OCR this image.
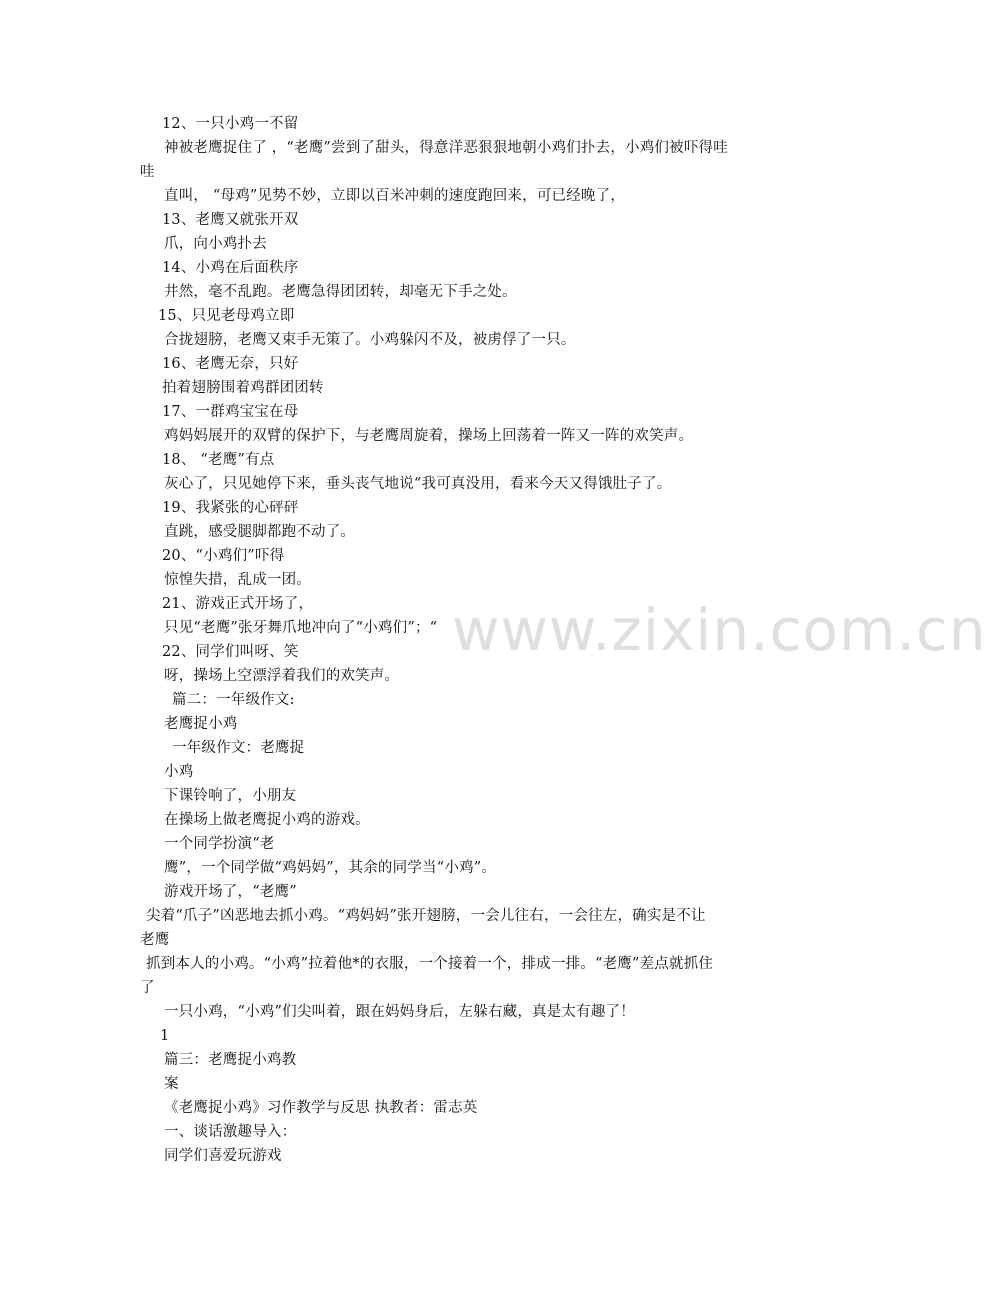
www.zixin.com.cn
12、一只小鸡一不留
神被老鹰捉住了 ，“老鹰”尝到了甜头，得意洋恶狠狠地朝小鸡们扑去，小鸡们被吓得哇
哇
直叫， “母鸡”见势不妙，立即以百米冲刺的速度跑回来，可已经晚了，
13、老鹰又就张开双
爪，向小鸡扑去
14、小鸡在后面秩序
井然，毫不乱跑。老鹰急得团团转，却毫无下手之处。
15、只见老母鸡立即
合拢翅膀，老鹰又束手无策了。小鸡躲闪不及，被虏俘了一只。
16、老鹰无奈，只好
拍着翅膀围着鸡群团团转
17、一群鸡宝宝在母
鸡妈妈展开的双臂的保护下，与老鹰周旋着，操场上回荡着一阵又一阵的欢笑声。
18、 “老鹰”有点
灰心了，只见她停下来，垂头丧气地说“我可真没用，看来今天又得饿肚子了。
19、我紧张的心砰砰
直跳，感受腿脚都跑不动了。
20、“小鸡们”吓得
惊惶失措，乱成一团。
21、游戏正式开场了，
只见“老鹰”张牙舞爪地冲向了“小鸡们”；“
22、同学们叫呀、笑
呀，操场上空漂浮着我们的欢笑声。
篇二：一年级作文:
老鹰捉小鸡
一年级作文：老鹰捉
小鸡
下课铃响了，小朋友
在操场上做老鹰捉小鸡的游戏。
一个同学扮演“老
鹰”，一个同学做“鸡妈妈”，其余的同学当“小鸡”。
游戏开场了，“老鹰”
尖着“爪子”凶恶地去抓小鸡。“鸡妈妈”张开翅膀，一会儿往右，一会往左，确实是不让
老鹰
抓到本人的小鸡。“小鸡”拉着他*的衣服，一个接着一个，排成一排。“老鹰”差点就抓住
了
一只小鸡，“小鸡”们尖叫着，跟在妈妈身后，左躲右藏，真是太有趣了！
1
篇三：老鹰捉小鸡教
案
《老鹰捉小鸡》习作教学与反思 执教者：雷志英
一、谈话激趣导入：
同学们喜爱玩游戏
